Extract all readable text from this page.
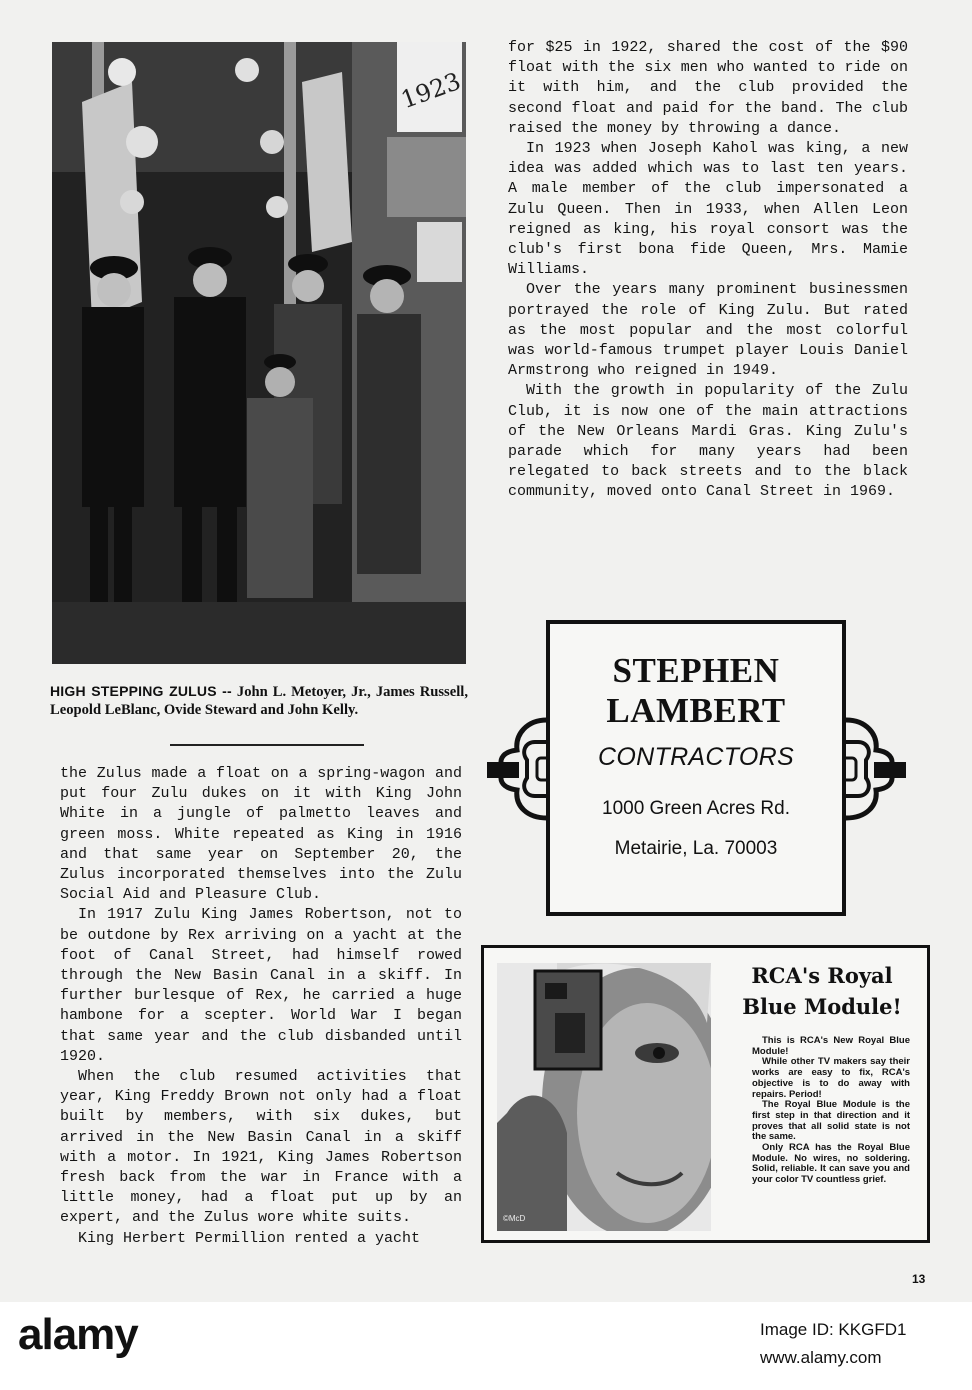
1923
HIGH STEPPING ZULUS -- John L. Metoyer, Jr., James Russell, Leopold LeBlanc, Ovide Steward and John Kelly.

the Zulus made a float on a spring-wagon and put four Zulu dukes on it with King John White in a jungle of palmetto leaves and green moss. White repeated as King in 1916 and that same year on September 20, the Zulus incorporated themselves into the Zulu Social Aid and Pleasure Club.

In 1917 Zulu King James Robertson, not to be outdone by Rex arriving on a yacht at the foot of Canal Street, had himself rowed through the New Basin Canal in a skiff. In further burlesque of Rex, he carried a huge hambone for a scepter. World War I began that same year and the club disbanded until 1920.

When the club resumed activities that year, King Freddy Brown not only had a float built by members, with six dukes, but arrived in the New Basin Canal in a skiff with a motor. In 1921, King James Robertson fresh back from the war in France with a little money, had a float put up by an expert, and the Zulus wore white suits.

King Herbert Permillion rented a yacht

for $25 in 1922, shared the cost of the $90 float with the six men who wanted to ride on it with him, and the club provided the second float and paid for the band. The club raised the money by throwing a dance.

In 1923 when Joseph Kahol was king, a new idea was added which was to last ten years. A male member of the club impersonated a Zulu Queen. Then in 1933, when Allen Leon reigned as king, his royal consort was the club's first bona fide Queen, Mrs. Mamie Williams.

Over the years many prominent businessmen portrayed the role of King Zulu. But rated as the most popular and the most colorful was world-famous trumpet player Louis Daniel Armstrong who reigned in 1949.

With the growth in popularity of the Zulu Club, it is now one of the main attractions of the New Orleans Mardi Gras. King Zulu's parade which for many years had been relegated to back streets and to the black community, moved onto Canal Street in 1969.

STEPHEN
LAMBERT
CONTRACTORS
1000 Green Acres Rd.
Metairie, La. 70003
©McD
RCA's Royal
Blue Module!

This is RCA's New Royal Blue Module!

While other TV makers say their works are easy to fix, RCA's objective is to do away with repairs. Period!

The Royal Blue Module is the first step in that direction and it proves that all solid state is not the same.

Only RCA has the Royal Blue Module. No wires, no soldering. Solid, reliable. It can save you and your color TV countless grief.

13
alamy	Image ID: KKGFD1
www.alamy.com
